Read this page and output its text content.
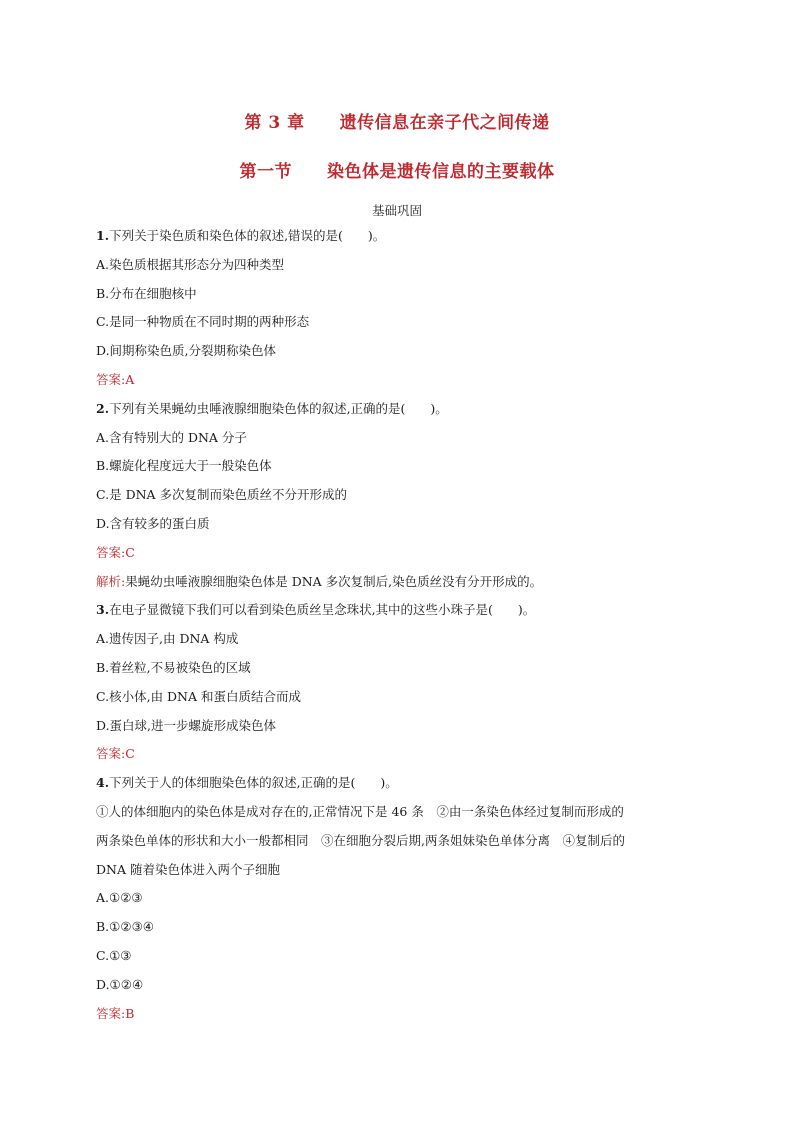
第 3 章　　遗传信息在亲子代之间传递
第一节　　染色体是遗传信息的主要载体
基础巩固
1.下列关于染色质和染色体的叙述,错误的是(　　)。
A.染色质根据其形态分为四种类型
B.分布在细胞核中
C.是同一种物质在不同时期的两种形态
D.间期称染色质,分裂期称染色体
答案:A
2.下列有关果蝇幼虫唾液腺细胞染色体的叙述,正确的是(　　)。
A.含有特别大的 DNA 分子
B.螺旋化程度远大于一般染色体
C.是 DNA 多次复制而染色质丝不分开形成的
D.含有较多的蛋白质
答案:C
解析:果蝇幼虫唾液腺细胞染色体是 DNA 多次复制后,染色质丝没有分开形成的。
3.在电子显微镜下我们可以看到染色质丝呈念珠状,其中的这些小珠子是(　　)。
A.遗传因子,由 DNA 构成
B.着丝粒,不易被染色的区域
C.核小体,由 DNA 和蛋白质结合而成
D.蛋白球,进一步螺旋形成染色体
答案:C
4.下列关于人的体细胞染色体的叙述,正确的是(　　)。
①人的体细胞内的染色体是成对存在的,正常情况下是 46 条　②由一条染色体经过复制而形成的
两条染色单体的形状和大小一般都相同　③在细胞分裂后期,两条姐妹染色单体分离　④复制后的
DNA 随着染色体进入两个子细胞
A.①②③
B.①②③④
C.①③
D.①②④
答案:B
